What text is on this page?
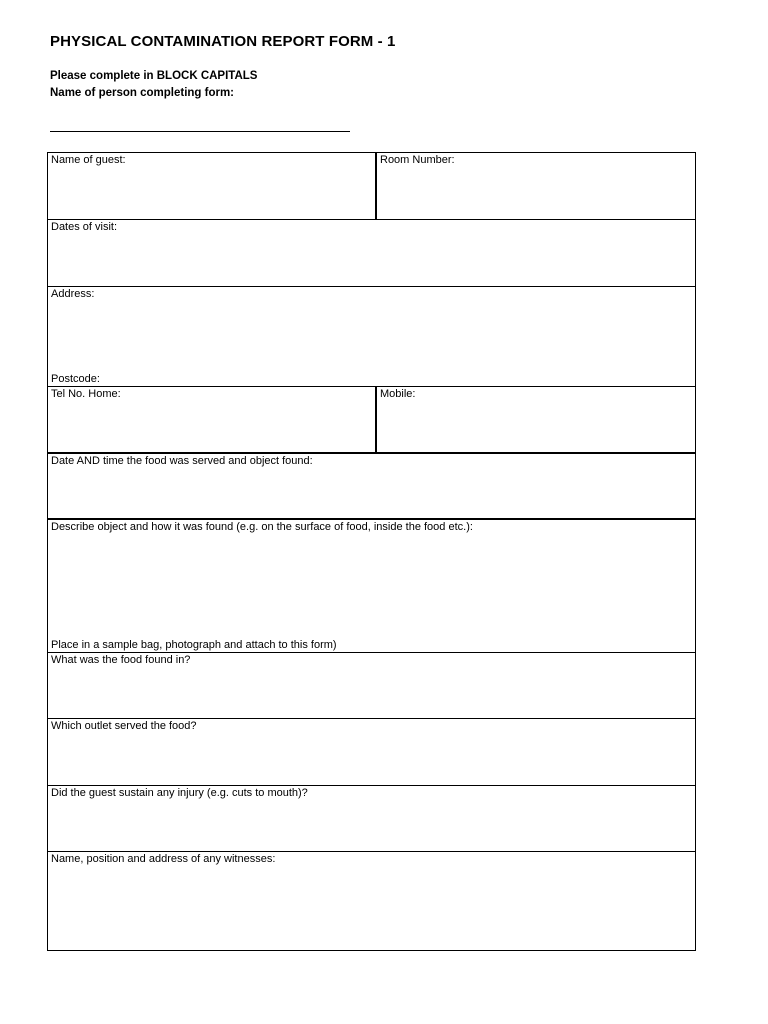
PHYSICAL CONTAMINATION REPORT FORM - 1
Please complete in BLOCK CAPITALS
Name of person completing form:
Name of guest:	Room Number:
Dates of visit:
Address:
Postcode:
Tel No. Home:	Mobile:
Date AND time the food was served and object found:
Describe object and how it was found (e.g. on the surface of food, inside the food etc.):
Place in a sample bag, photograph and attach to this form)
What was the food found in?
Which outlet served the food?
Did the guest sustain any injury (e.g. cuts to mouth)?
Name, position and address of any witnesses:
